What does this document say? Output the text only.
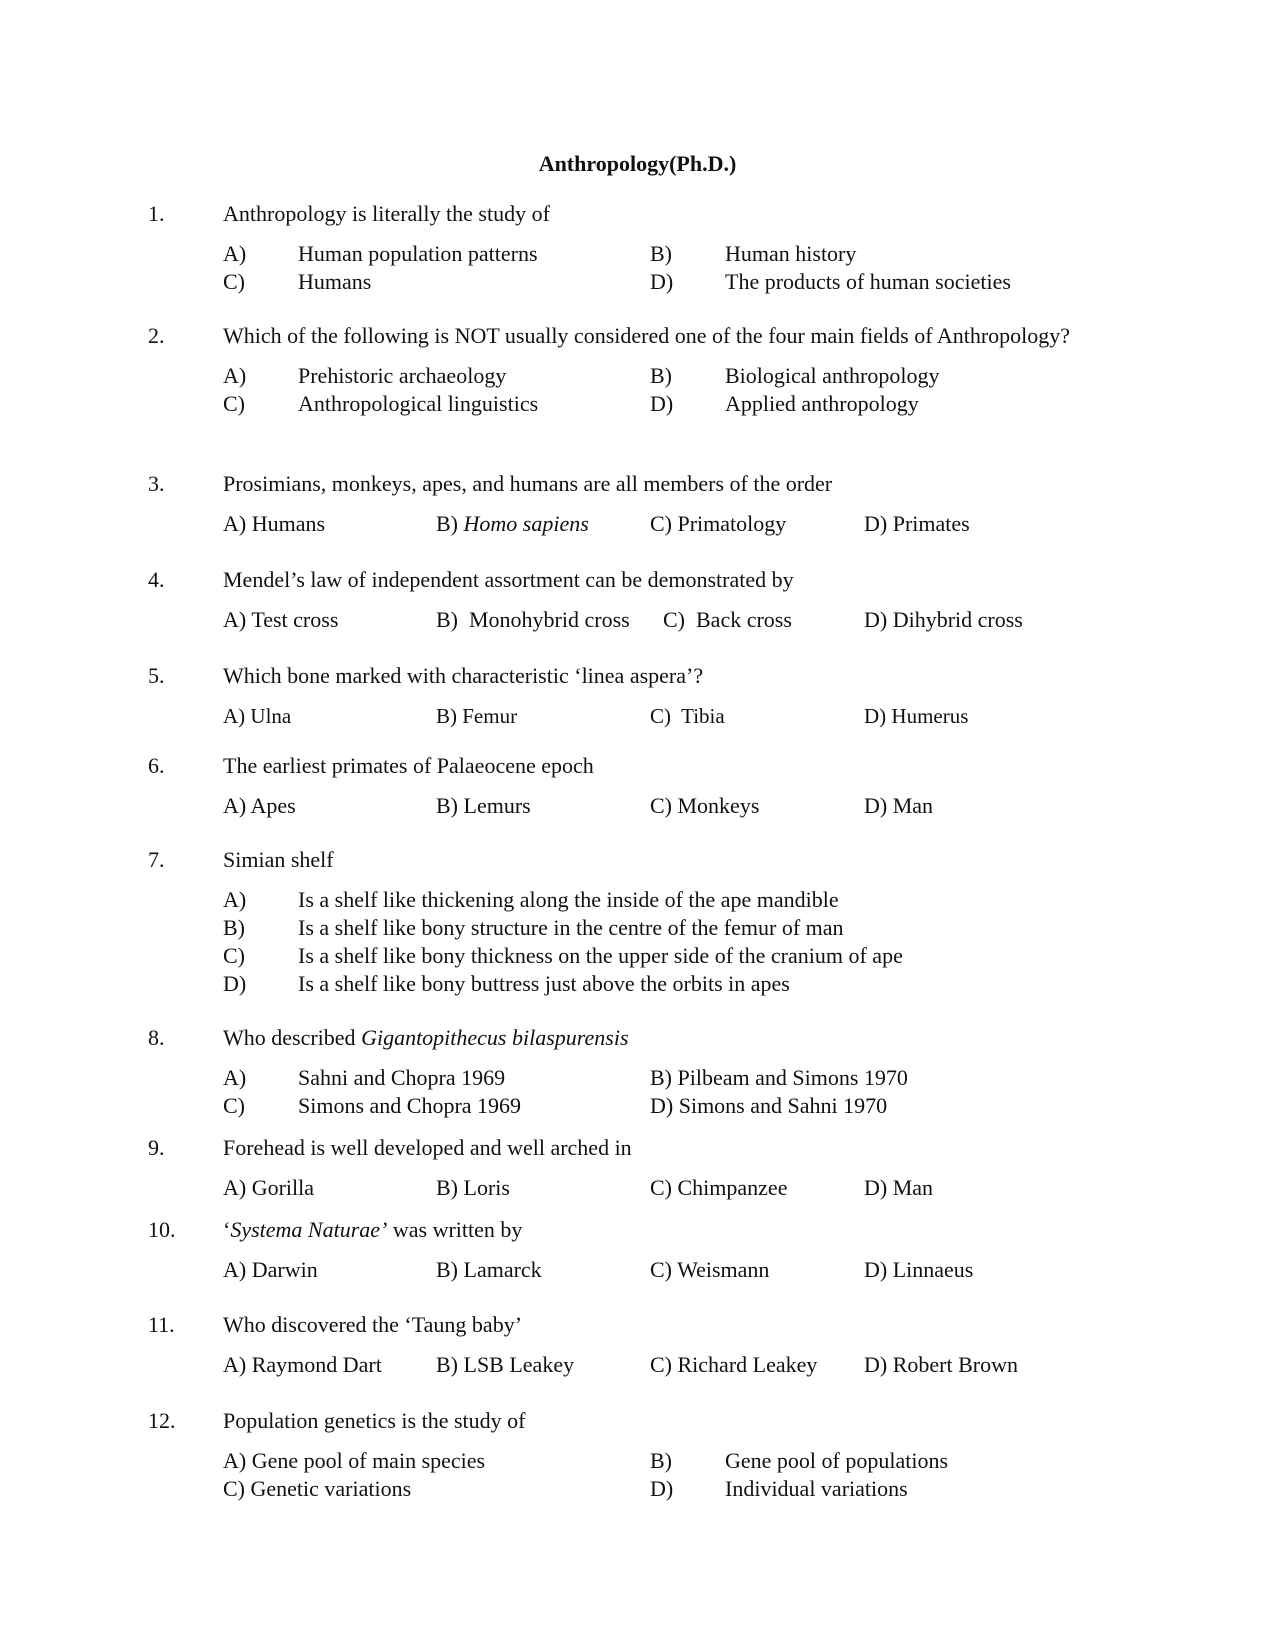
Anthropology(Ph.D.)
1.	Anthropology is literally the study of
A) Human population patterns	B) Human history
C) Humans	D) The products of human societies
2.	Which of the following is NOT usually considered one of the four main fields of Anthropology?
A) Prehistoric archaeology	B) Biological anthropology
C) Anthropological linguistics	D) Applied anthropology
3.	Prosimians, monkeys, apes, and humans are all members of the order
A) Humans	B) Homo sapiens	C) Primatology	D) Primates
4.	Mendel’s law of independent assortment can be demonstrated by
A) Test cross	B) Monohybrid cross C) Back cross	D) Dihybrid cross
5.	Which bone marked with characteristic ‘linea aspera’?
A) Ulna	B) Femur	C) Tibia	D) Humerus
6.	The earliest primates of Palaeocene epoch
A) Apes	B) Lemurs	C) Monkeys	D) Man
7.	Simian shelf
A) Is a shelf like thickening along the inside of the ape mandible
B) Is a shelf like bony structure in the centre of the femur of man
C) Is a shelf like bony thickness on the upper side of the cranium of ape
D) Is a shelf like bony buttress just above the orbits in apes
8.	Who described Gigantopithecus bilaspurensis
A) Sahni and Chopra 1969	B) Pilbeam and Simons 1970
C) Simons and Chopra 1969	D) Simons and Sahni 1970
9.	Forehead is well developed and well arched in
A) Gorilla	B) Loris	C) Chimpanzee	D) Man
10. ‘Systema Naturae’ was written by
A) Darwin	B) Lamarck	C) Weismann	D) Linnaeus
11. Who discovered the ‘Taung baby’
A) Raymond Dart B) LSB Leakey	C) Richard Leakey D) Robert Brown
12. Population genetics is the study of
A) Gene pool of main species	B) Gene pool of populations
C) Genetic variations	D) Individual variations
